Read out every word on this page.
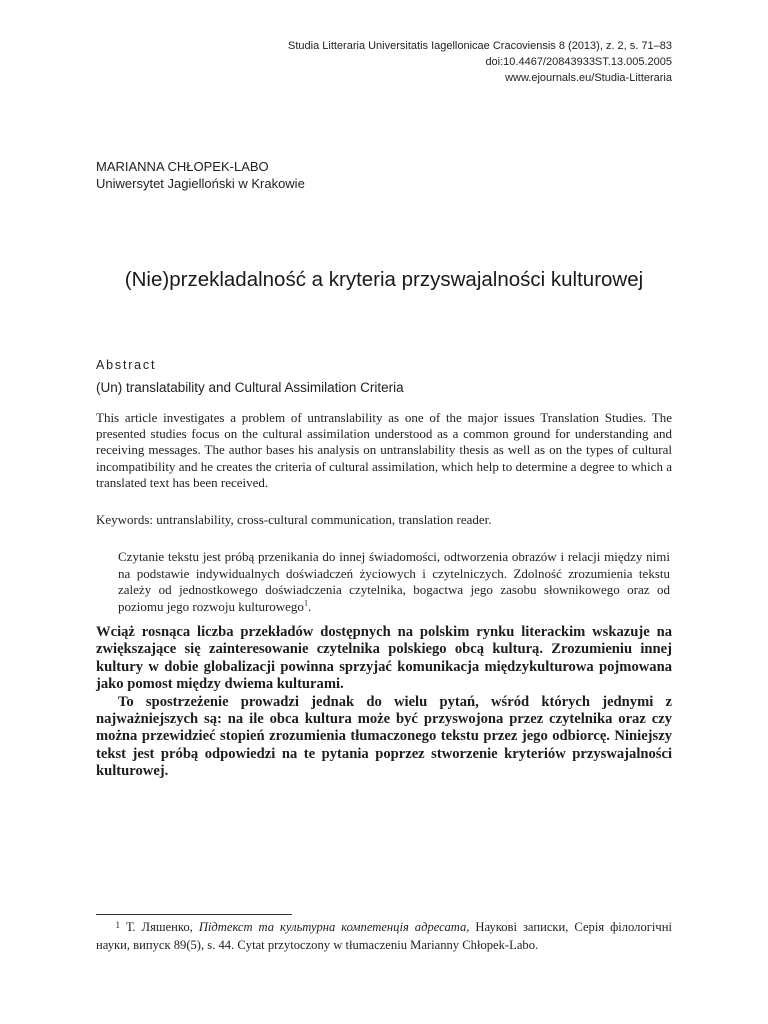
Studia Litteraria Universitatis Iagellonicae Cracoviensis 8 (2013), z. 2, s. 71–83
doi:10.4467/20843933ST.13.005.2005
www.ejournals.eu/Studia-Litteraria
MARIANNA CHŁOPEK-LABO
Uniwersytet Jagielloński w Krakowie
(Nie)przekladalność a kryteria przyswajalności kulturowej
Abstract
(Un) translatability and Cultural Assimilation Criteria
This article investigates a problem of untranslability as one of the major issues Translation Studies. The presented studies focus on the cultural assimilation understood as a common ground for understanding and receiving messages. The author bases his analysis on untranslability thesis as well as on the types of cultural incompatibility and he creates the criteria of cultural assimilation, which help to determine a degree to which a translated text has been received.
Keywords: untranslability, cross-cultural communication, translation reader.
Czytanie tekstu jest próbą przenikania do innej świadomości, odtworzenia obrazów i relacji między nimi na podstawie indywidualnych doświadczeń życiowych i czytelniczych. Zdolność zrozumienia tekstu zależy od jednostkowego doświadczenia czytelnika, bogactwa jego zasobu słownikowego oraz od poziomu jego rozwoju kulturowego$^1$.

Wciąż rosnąca liczba przekładów dostępnych na polskim rynku literackim wskazuje na zwiększające się zainteresowanie czytelnika polskiego obcą kulturą. Zrozumieniu innej kultury w dobie globalizacji powinna sprzyjać komunikacja międzykulturowa pojmowana jako pomost między dwiema kulturami.

To spostrzeżenie prowadzi jednak do wielu pytań, wśród których jednymi z najważniejszych są: na ile obca kultura może być przyswojona przez czytelnika oraz czy można przewidzieć stopień zrozumienia tłumaczonego tekstu przez jego odbiorcę. Niniejszy tekst jest próbą odpowiedzi na te pytania poprzez stworzenie kryteriów przyswajalności kulturowej.

$^1$ Т. Ляшенко, Підтекст та культурна компетенція адресата, Наукові записки, Серія філологічні науки, випуск 89(5), s. 44. Cytat przytoczony w tłumaczeniu Marianny Chłopek-Labo.
